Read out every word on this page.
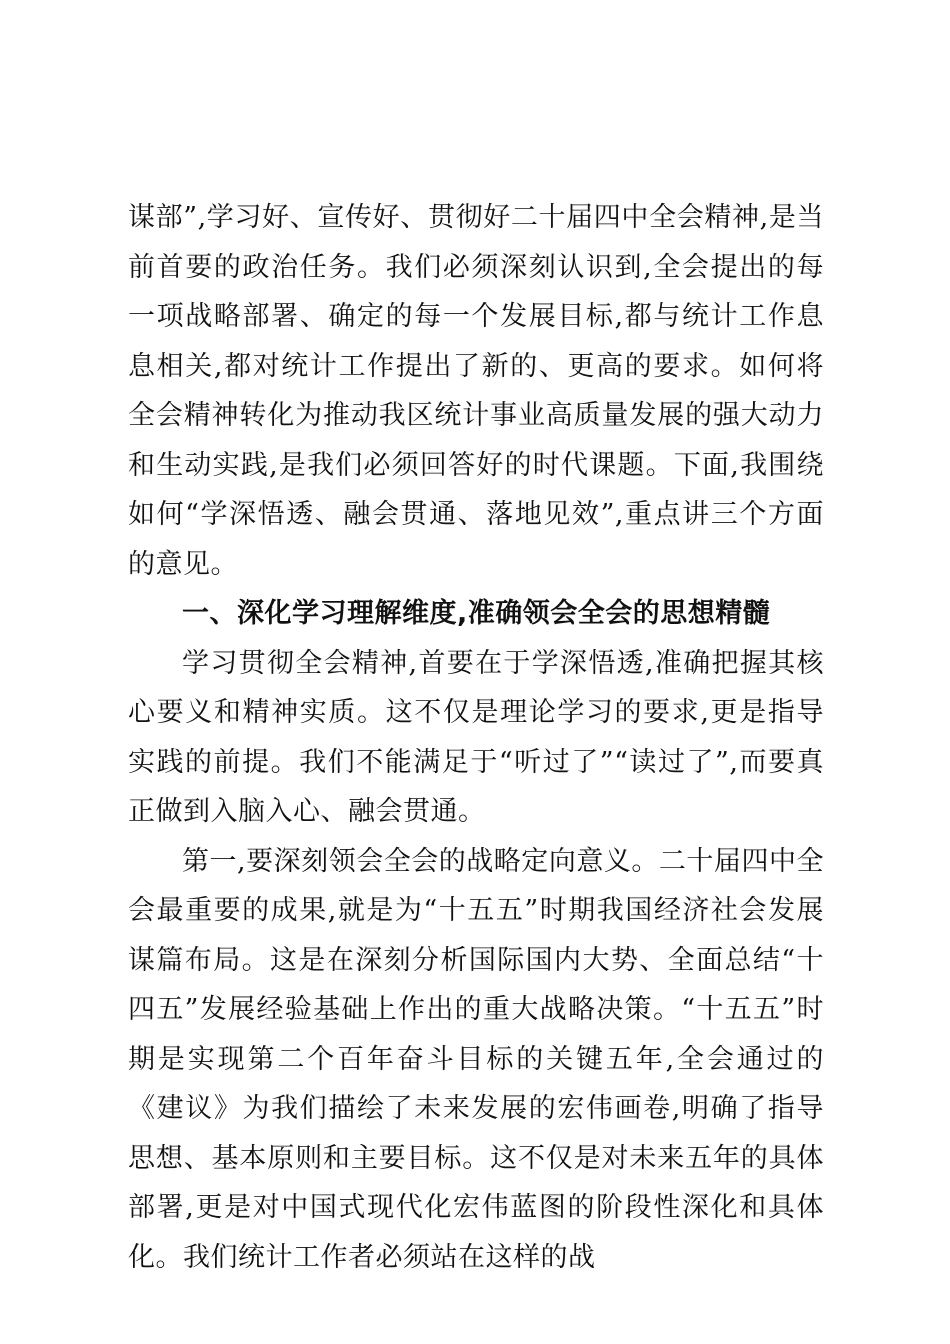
谋部”,学习好、宣传好、贯彻好二十届四中全会精神,是当前首要的政治任务。我们必须深刻认识到,全会提出的每一项战略部署、确定的每一个发展目标,都与统计工作息息相关,都对统计工作提出了新的、更高的要求。如何将全会精神转化为推动我区统计事业高质量发展的强大动力和生动实践,是我们必须回答好的时代课题。下面,我围绕如何“学深悟透、融会贯通、落地见效”,重点讲三个方面的意见。

一、深化学习理解维度,准确领会全会的思想精髓

学习贯彻全会精神,首要在于学深悟透,准确把握其核心要义和精神实质。这不仅是理论学习的要求,更是指导实践的前提。我们不能满足于“听过了”“读过了”,而要真正做到入脑入心、融会贯通。

第一,要深刻领会全会的战略定向意义。二十届四中全会最重要的成果,就是为“十五五”时期我国经济社会发展谋篇布局。这是在深刻分析国际国内大势、全面总结“十四五”发展经验基础上作出的重大战略决策。“十五五”时期是实现第二个百年奋斗目标的关键五年,全会通过的《建议》为我们描绘了未来发展的宏伟画卷,明确了指导思想、基本原则和主要目标。这不仅是对未来五年的具体部署,更是对中国式现代化宏伟蓝图的阶段性深化和具体化。我们统计工作者必须站在这样的战
